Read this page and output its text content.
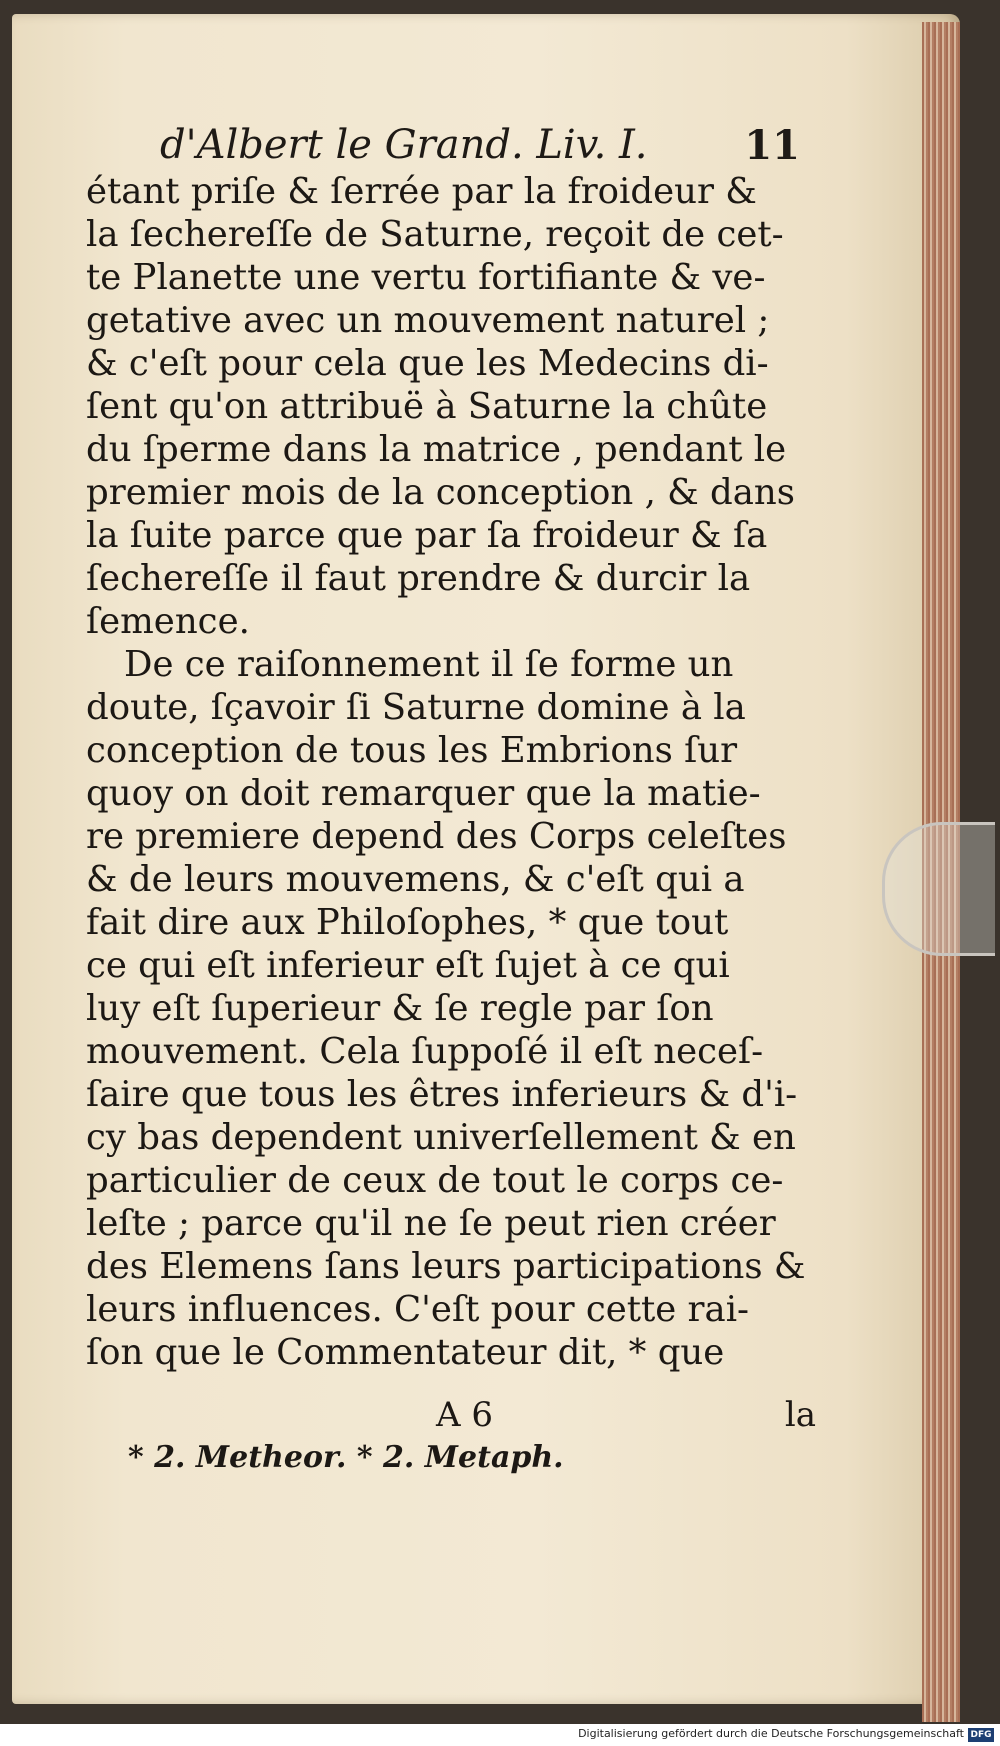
d'Albert le Grand. Liv. I. 11
étant priſe & ſerrée par la froideur &
la ſechereſſe de Saturne, reçoit de cet-
te Planette une vertu fortifiante & ve-
getative avec un mouvement naturel ;
& c'eſt pour cela que les Medecins di-
ſent qu'on attribuë à Saturne la chûte
du ſperme dans la matrice , pendant le
premier mois de la conception , & dans
la ſuite parce que par ſa froideur & ſa
ſechereſſe il faut prendre & durcir la
ſemence.
De ce raiſonnement il ſe forme un
doute, ſçavoir ſi Saturne domine à la
conception de tous les Embrions ſur
quoy on doit remarquer que la matie-
re premiere depend des Corps celeſtes
& de leurs mouvemens, & c'eſt qui a
fait dire aux Philoſophes, * que tout
ce qui eſt inferieur eſt ſujet à ce qui
luy eſt ſuperieur & ſe regle par ſon
mouvement. Cela ſuppoſé il eſt neceſ-
ſaire que tous les êtres inferieurs & d'i-
cy bas dependent univerſellement & en
particulier de ceux de tout le corps ce-
leſte ; parce qu'il ne ſe peut rien créer
des Elemens ſans leurs participations &
leurs influences. C'eſt pour cette rai-
ſon que le Commentateur dit, * que
A 6	la
* 2. Metheor. * 2. Metaph.
Digitalisierung gefördert durch die Deutsche Forschungsgemeinschaft DFG
